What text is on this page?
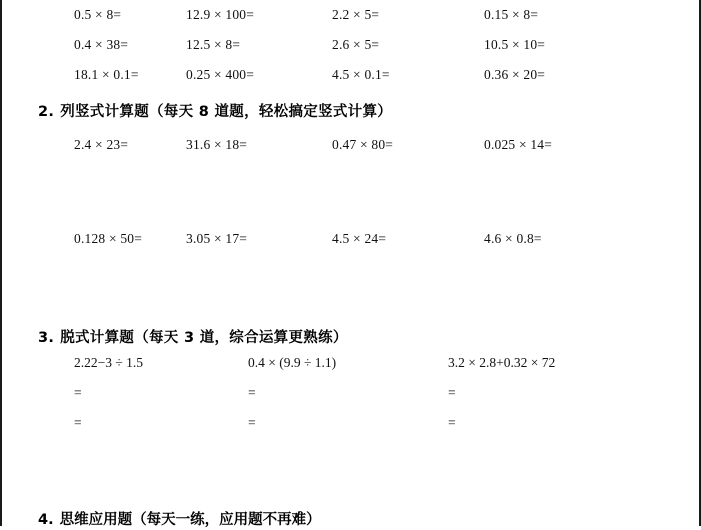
0.5 × 8=	12.9 × 100=	2.2 × 5=	0.15 × 8=
0.4 × 38=	12.5 × 8=	2.6 × 5=	10.5 × 10=
18.1 × 0.1=	0.25 × 400=	4.5 × 0.1=	0.36 × 20=
2. 列竖式计算题（每天 8 道题，轻松搞定竖式计算）
2.4 × 23=	31.6 × 18=	0.47 × 80=	0.025 × 14=
0.128 × 50=	3.05 × 17=	4.5 × 24=	4.6 × 0.8=
3. 脱式计算题（每天 3 道，综合运算更熟练）
2.22−3 ÷ 1.5	0.4 × (9.9 ÷ 1.1)	3.2 × 2.8+0.32 × 72
=	=	=
=	=	=
4. 思维应用题（每天一练，应用题不再难）
